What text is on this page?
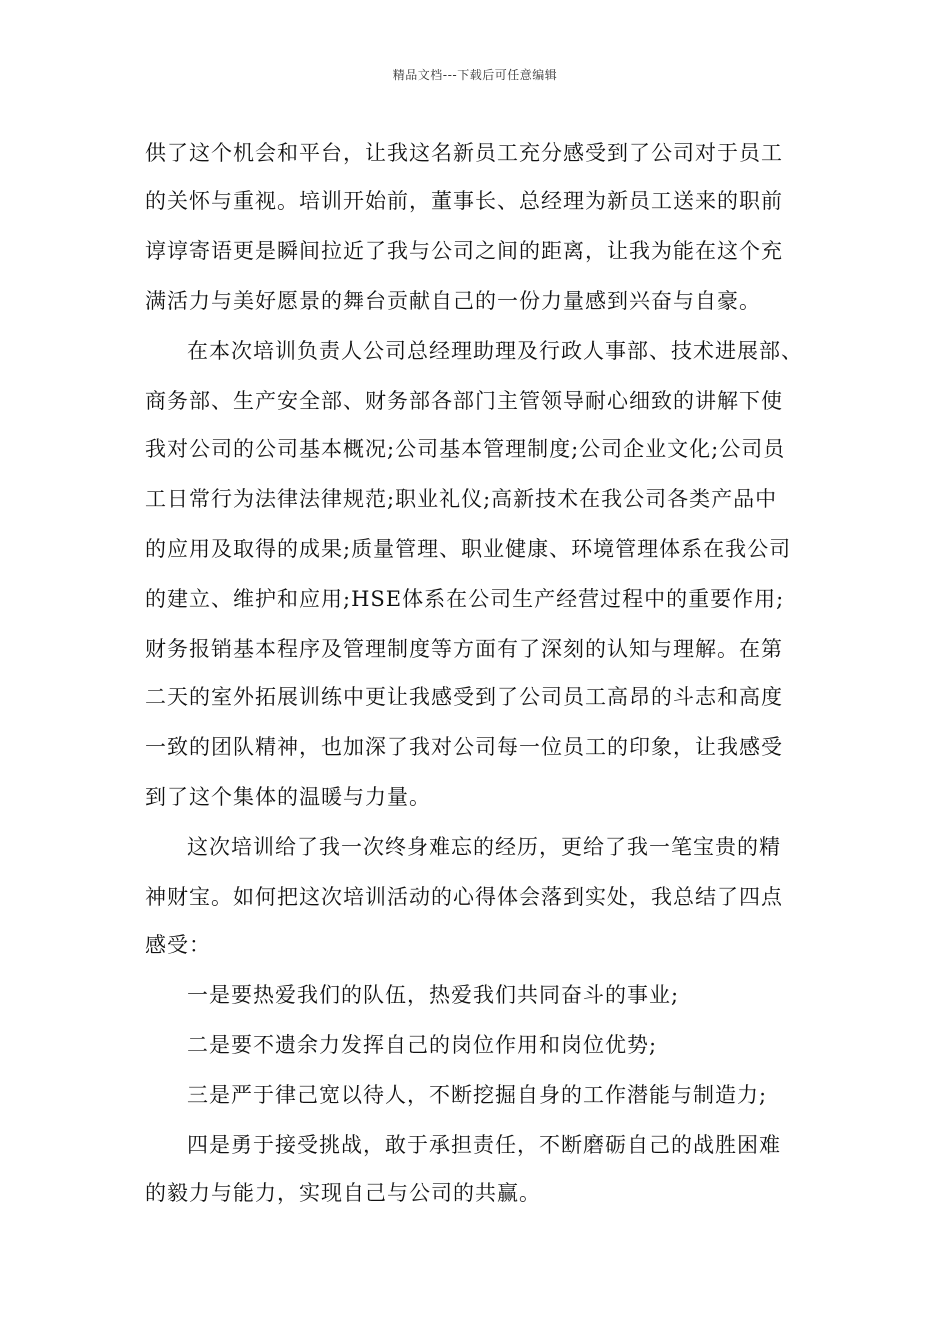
精品文档---下载后可任意编辑
供了这个机会和平台，让我这名新员工充分感受到了公司对于员工
的关怀与重视。培训开始前，董事长、总经理为新员工送来的职前
谆谆寄语更是瞬间拉近了我与公司之间的距离，让我为能在这个充
满活力与美好愿景的舞台贡献自己的一份力量感到兴奋与自豪。
在本次培训负责人公司总经理助理及行政人事部、技术进展部、
商务部、生产安全部、财务部各部门主管领导耐心细致的讲解下使
我对公司的公司基本概况;公司基本管理制度;公司企业文化;公司员
工日常行为法律法律规范;职业礼仪;高新技术在我公司各类产品中
的应用及取得的成果;质量管理、职业健康、环境管理体系在我公司
的建立、维护和应用;HSE体系在公司生产经营过程中的重要作用;
财务报销基本程序及管理制度等方面有了深刻的认知与理解。在第
二天的室外拓展训练中更让我感受到了公司员工高昂的斗志和高度
一致的团队精神，也加深了我对公司每一位员工的印象，让我感受
到了这个集体的温暖与力量。
这次培训给了我一次终身难忘的经历，更给了我一笔宝贵的精
神财宝。如何把这次培训活动的心得体会落到实处，我总结了四点
感受：
一是要热爱我们的队伍，热爱我们共同奋斗的事业;
二是要不遗余力发挥自己的岗位作用和岗位优势;
三是严于律己宽以待人，不断挖掘自身的工作潜能与制造力;
四是勇于接受挑战，敢于承担责任，不断磨砺自己的战胜困难
的毅力与能力，实现自己与公司的共赢。
